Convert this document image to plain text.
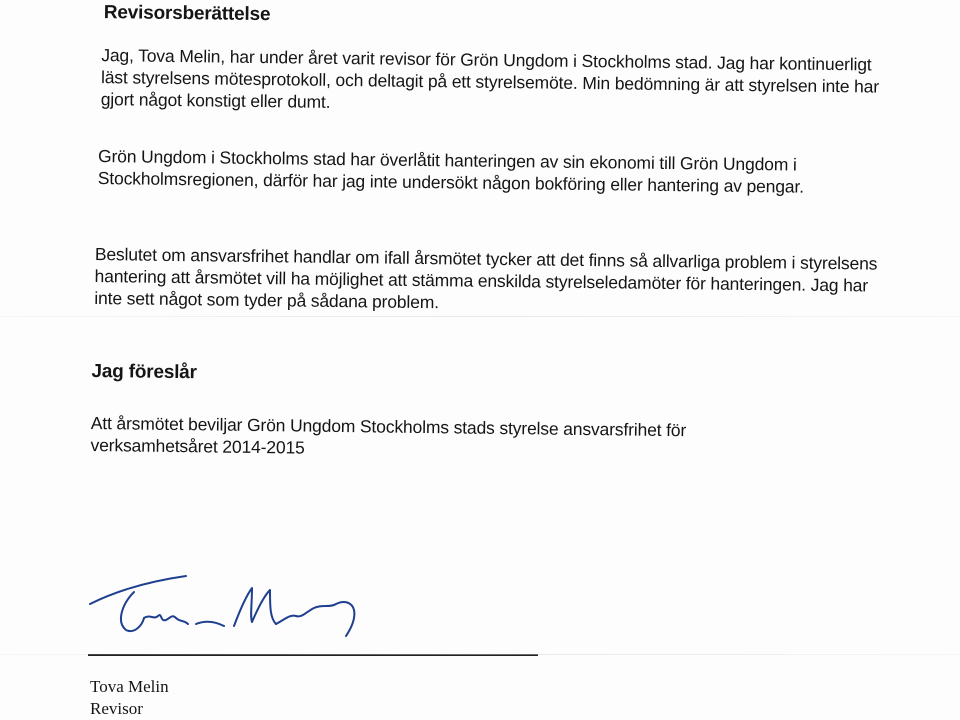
Revisorsberättelse

Jag, Tova Melin, har under året varit revisor för Grön Ungdom i Stockholms stad. Jag har kontinuerligt läst styrelsens mötesprotokoll, och deltagit på ett styrelsemöte. Min bedömning är att styrelsen inte har gjort något konstigt eller dumt.

Grön Ungdom i Stockholms stad har överlåtit hanteringen av sin ekonomi till Grön Ungdom i Stockholmsregionen, därför har jag inte undersökt någon bokföring eller hantering av pengar.

Beslutet om ansvarsfrihet handlar om ifall årsmötet tycker att det finns så allvarliga problem i styrelsens hantering att årsmötet vill ha möjlighet att stämma enskilda styrelseledamöter för hanteringen. Jag har inte sett något som tyder på sådana problem.

Jag föreslår

Att årsmötet beviljar Grön Ungdom Stockholms stads styrelse ansvarsfrihet för verksamhetsåret 2014-2015

Tova Melin

Revisor
